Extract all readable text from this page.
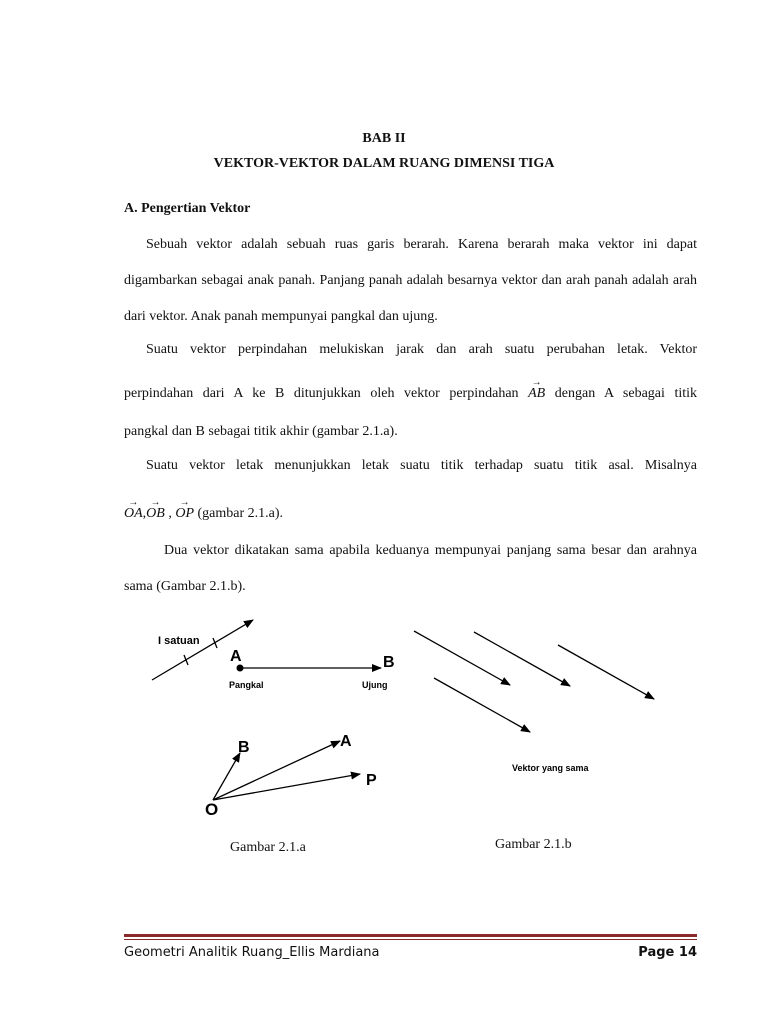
BAB II
VEKTOR-VEKTOR DALAM RUANG DIMENSI TIGA
A. Pengertian Vektor
Sebuah vektor adalah sebuah ruas garis berarah. Karena berarah maka vektor ini dapat digambarkan sebagai anak panah. Panjang panah adalah besarnya vektor dan arah panah adalah arah dari vektor. Anak panah mempunyai pangkal dan ujung.
Suatu vektor perpindahan melukiskan jarak dan arah suatu perubahan letak. Vektor
perpindahan dari A ke B ditunjukkan oleh vektor perpindahan → AB dengan A sebagai titik
pangkal dan B sebagai titik akhir (gambar 2.1.a).
Suatu vektor letak menunjukkan letak suatu titik terhadap suatu titik asal. Misalnya
→ OA,→ OB , → OP (gambar 2.1.a).
Dua vektor dikatakan sama apabila keduanya mempunyai panjang sama besar dan arahnya sama (Gambar 2.1.b).
I satuan
A	B
Pangkal	Ujung
B	A
P
O
Vektor yang sama
Gambar 2.1.a	Gambar 2.1.b
Geometri Analitik Ruang_Ellis Mardiana	Page 14
